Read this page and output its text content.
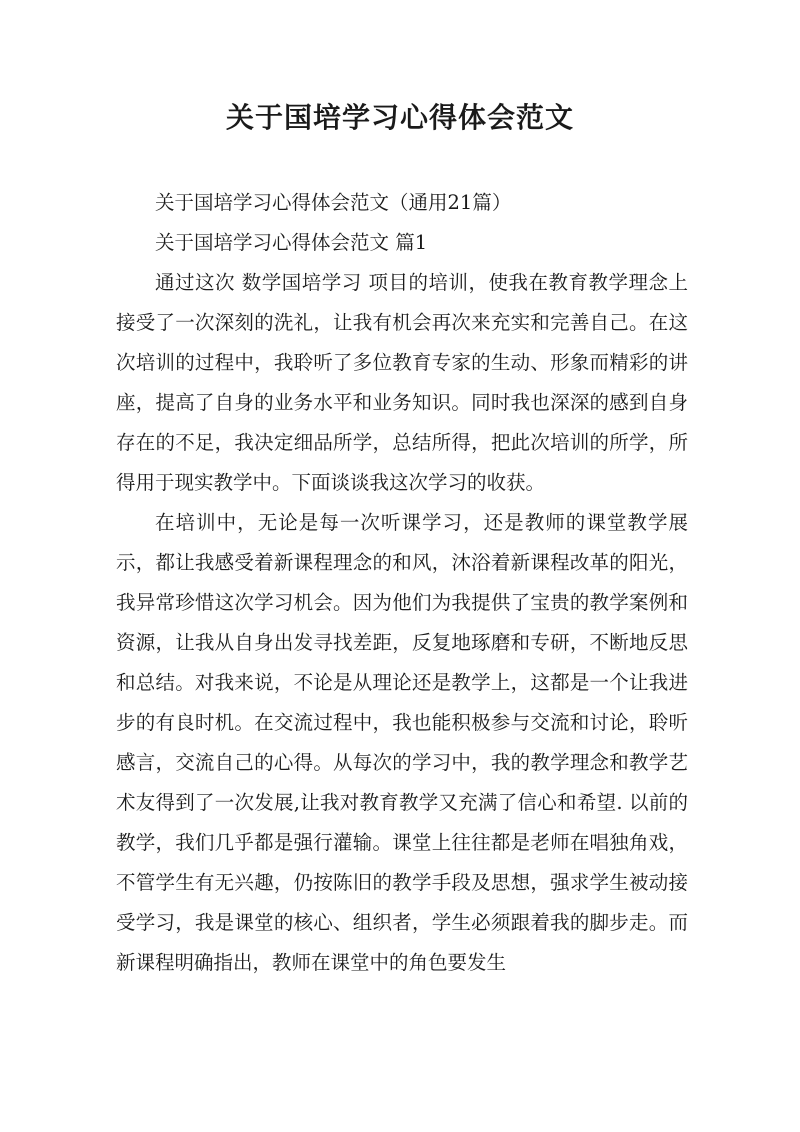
关于国培学习心得体会范文

关于国培学习心得体会范文（通用21篇）

关于国培学习心得体会范文 篇1

通过这次 数学国培学习 项目的培训，使我在教育教学理念上接受了一次深刻的洗礼，让我有机会再次来充实和完善自己。在这次培训的过程中，我聆听了多位教育专家的生动、形象而精彩的讲座，提高了自身的业务水平和业务知识。同时我也深深的感到自身存在的不足，我决定细品所学，总结所得，把此次培训的所学，所得用于现实教学中。下面谈谈我这次学习的收获。

在培训中，无论是每一次听课学习，还是教师的课堂教学展示，都让我感受着新课程理念的和风，沐浴着新课程改革的阳光，我异常珍惜这次学习机会。因为他们为我提供了宝贵的教学案例和资源，让我从自身出发寻找差距，反复地琢磨和专研，不断地反思和总结。对我来说，不论是从理论还是教学上，这都是一个让我进步的有良时机。在交流过程中，我也能积极参与交流和讨论，聆听感言，交流自己的心得。从每次的学习中，我的教学理念和教学艺术友得到了一次发展,让我对教育教学又充满了信心和希望. 以前的教学，我们几乎都是强行灌输。课堂上往往都是老师在唱独角戏，不管学生有无兴趣，仍按陈旧的教学手段及思想，强求学生被动接受学习，我是课堂的核心、组织者，学生必须跟着我的脚步走。而新课程明确指出，教师在课堂中的角色要发生
